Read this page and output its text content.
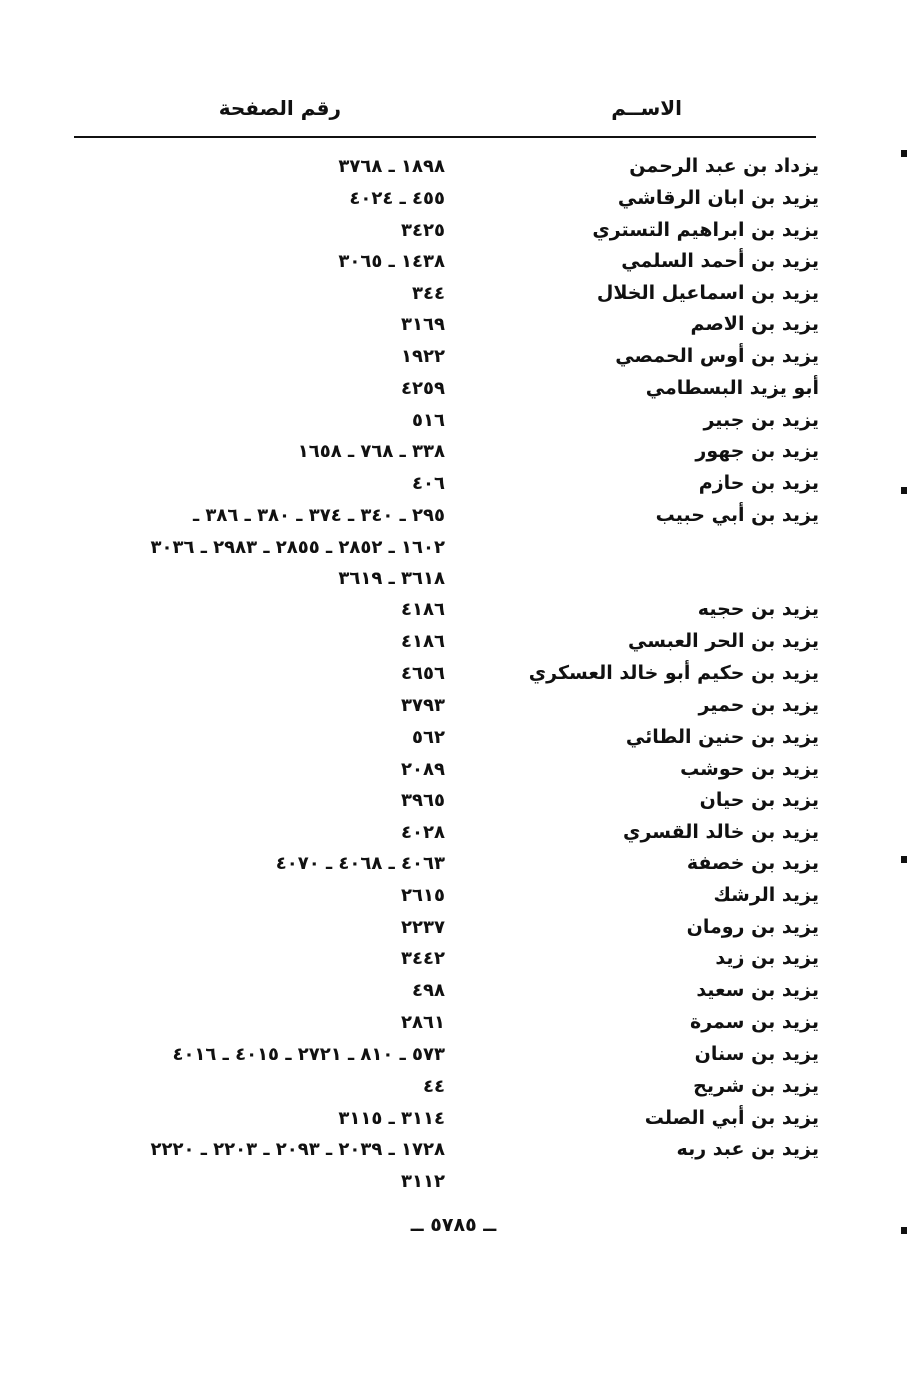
الاســم
رقم الصفحة
يزداد بن عبد الرحمن
١٨٩٨ ـ ٣٧٦٨
يزيد بن ابان الرقاشي
٤٥٥ ـ ٤٠٢٤
يزيد بن ابراهيم التستري
٣٤٢٥
يزيد بن أحمد السلمي
١٤٣٨ ـ ٣٠٦٥
يزيد بن اسماعيل الخلال
٣٤٤
يزيد بن الاصم
٣١٦٩
يزيد بن أوس الحمصي
١٩٢٢
أبو يزيد البسطامي
٤٢٥٩
يزيد بن جبير
٥١٦
يزيد بن جهور
٣٣٨ ـ ٧٦٨ ـ ١٦٥٨
يزيد بن حازم
٤٠٦
يزيد بن أبي حبيب
٢٩٥ ـ ٣٤٠ ـ ٣٧٤ ـ ٣٨٠ ـ ٣٨٦ ـ
١٦٠٢ ـ ٢٨٥٢ ـ ٢٨٥٥ ـ ٢٩٨٣ ـ ٣٠٣٦
٣٦١٨ ـ ٣٦١٩
يزيد بن حجيه
٤١٨٦
يزيد بن الحر العبسي
٤١٨٦
يزيد بن حكيم أبو خالد العسكري
٤٦٥٦
يزيد بن حمير
٣٧٩٣
يزيد بن حنين الطائي
٥٦٢
يزيد بن حوشب
٢٠٨٩
يزيد بن حيان
٣٩٦٥
يزيد بن خالد القسري
٤٠٢٨
يزيد بن خصفة
٤٠٦٣ ـ ٤٠٦٨ ـ ٤٠٧٠
يزيد الرشك
٢٦١٥
يزيد بن رومان
٢٢٣٧
يزيد بن زيد
٣٤٤٢
يزيد بن سعيد
٤٩٨
يزيد بن سمرة
٢٨٦١
يزيد بن سنان
٥٧٣ ـ ٨١٠ ـ ٢٧٢١ ـ ٤٠١٥ ـ ٤٠١٦
يزيد بن شريح
٤٤
يزيد بن أبي الصلت
٣١١٤ ـ ٣١١٥
يزيد بن عبد ربه
١٧٢٨ ـ ٢٠٣٩ ـ ٢٠٩٣ ـ ٢٢٠٣ ـ ٢٢٢٠
٣١١٢
ــ ٥٧٨٥ ــ
